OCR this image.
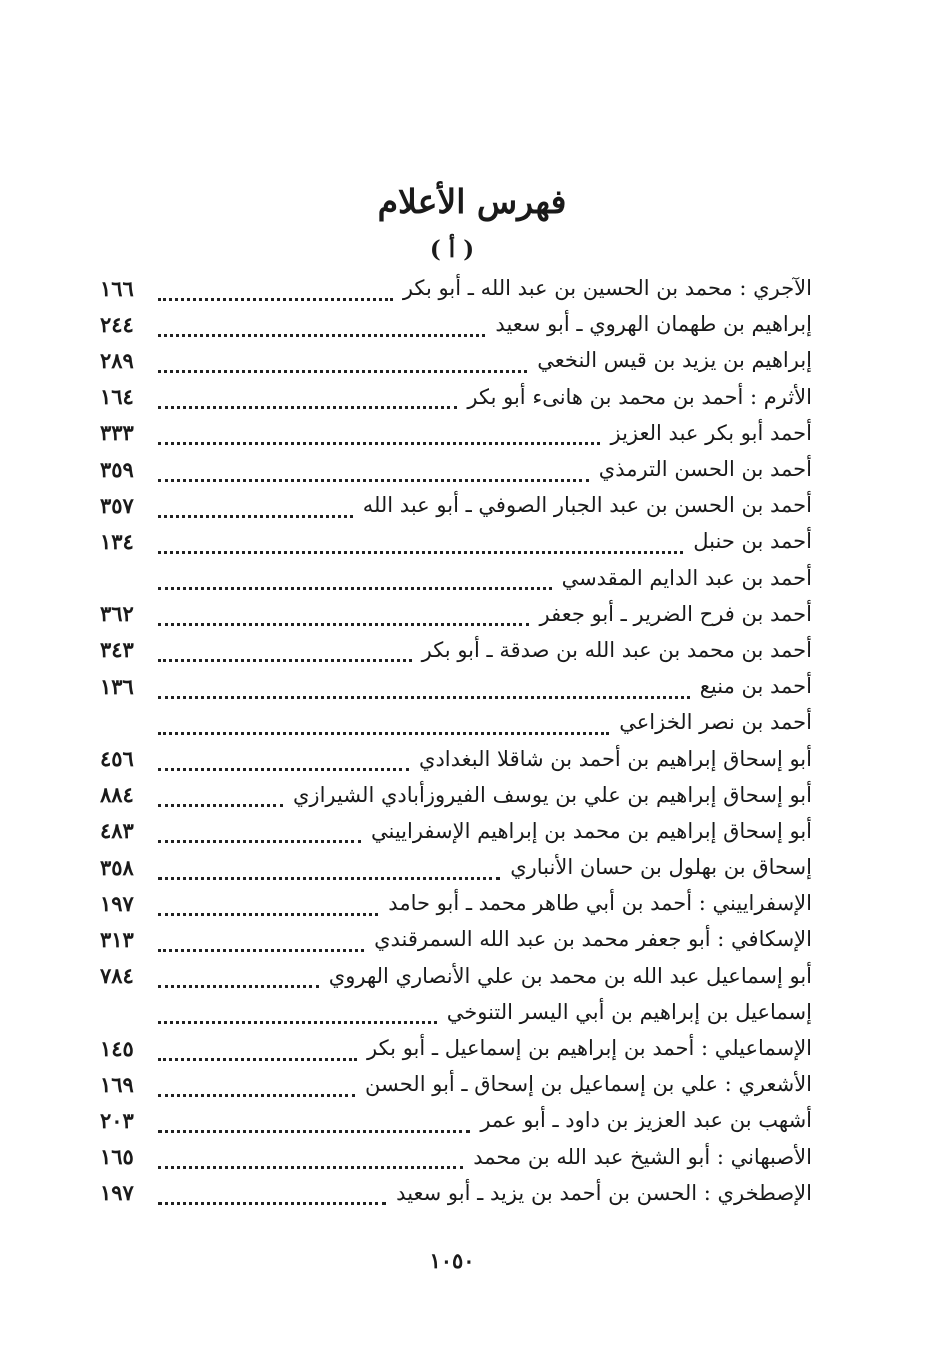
فهرس الأعلام
( أ )
الآجري : محمد بن الحسين بن عبد الله ـ أبو بكر
١٦٦
إبراهيم بن طهمان الهروي ـ أبو سعيد
٢٤٤
إبراهيم بن يزيد بن قيس النخعي
٢٨٩
الأثرم : أحمد بن محمد بن هانىء أبو بكر
١٦٤
أحمد أبو بكر عبد العزيز
٣٣٣
أحمد بن الحسن الترمذي
٣٥٩
أحمد بن الحسن بن عبد الجبار الصوفي ـ أبو عبد الله
٣٥٧
أحمد بن حنبل
١٣٤
أحمد بن عبد الدايم المقدسي
أحمد بن فرح الضرير ـ أبو جعفر
٣٦٢
أحمد بن محمد بن عبد الله بن صدقة ـ أبو بكر
٣٤٣
أحمد بن منيع
١٣٦
أحمد بن نصر الخزاعي
أبو إسحاق إبراهيم بن أحمد بن شاقلا البغدادي
٤٥٦
أبو إسحاق إبراهيم بن علي بن يوسف الفيروزأبادي الشيرازي
٨٨٤
أبو إسحاق إبراهيم بن محمد بن إبراهيم الإسفراييني
٤٨٣
إسحاق بن بهلول بن حسان الأنباري
٣٥٨
الإسفراييني : أحمد بن أبي طاهر محمد ـ أبو حامد
١٩٧
الإسكافي : أبو جعفر محمد بن عبد الله السمرقندي
٣١٣
أبو إسماعيل عبد الله بن محمد بن علي الأنصاري الهروي
٧٨٤
إسماعيل بن إبراهيم بن أبي اليسر التنوخي
الإسماعيلي : أحمد بن إبراهيم بن إسماعيل ـ أبو بكر
١٤٥
الأشعري : علي بن إسماعيل بن إسحاق ـ أبو الحسن
١٦٩
أشهب بن عبد العزيز بن داود ـ أبو عمر
٢٠٣
الأصبهاني : أبو الشيخ عبد الله بن محمد
١٦٥
الإصطخري : الحسن بن أحمد بن يزيد ـ أبو سعيد
١٩٧
١٠٥٠
